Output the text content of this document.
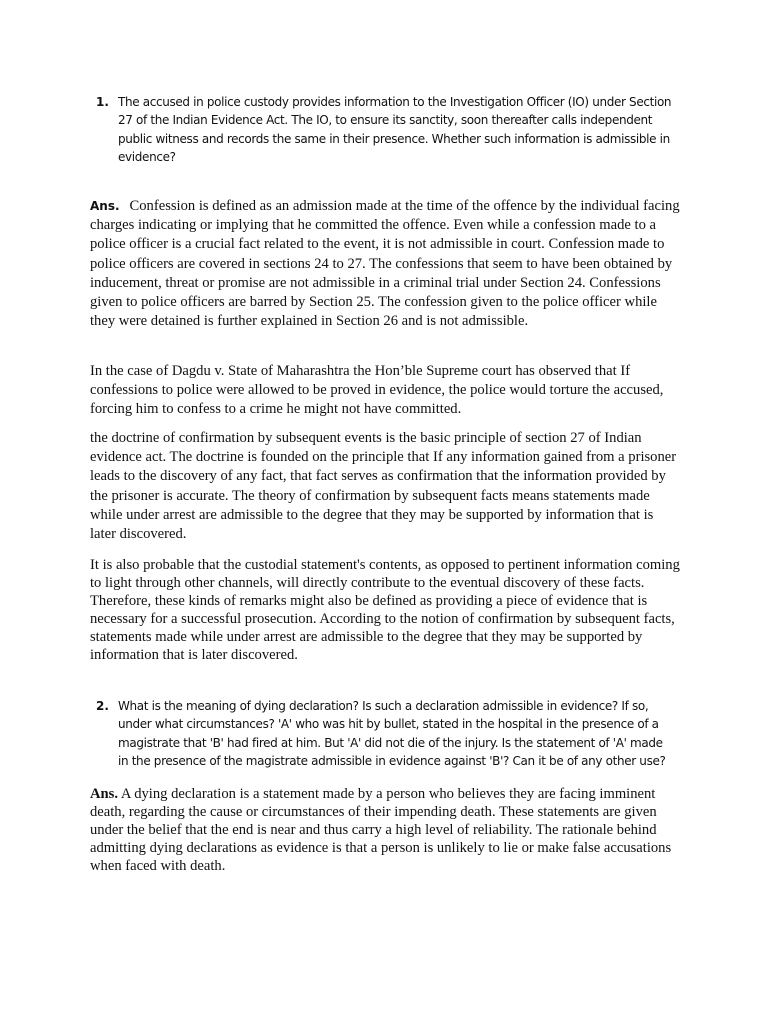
1. The accused in police custody provides information to the Investigation Officer (IO) under Section 27 of the Indian Evidence Act. The IO, to ensure its sanctity, soon thereafter calls independent public witness and records the same in their presence. Whether such information is admissible in evidence?

Ans. Confession is defined as an admission made at the time of the offence by the individual facing charges indicating or implying that he committed the offence. Even while a confession made to a police officer is a crucial fact related to the event, it is not admissible in court. Confession made to police officers are covered in sections 24 to 27. The confessions that seem to have been obtained by inducement, threat or promise are not admissible in a criminal trial under Section 24. Confessions given to police officers are barred by Section 25. The confession given to the police officer while they were detained is further explained in Section 26 and is not admissible.

In the case of Dagdu v. State of Maharashtra the Hon’ble Supreme court has observed that If confessions to police were allowed to be proved in evidence, the police would torture the accused, forcing him to confess to a crime he might not have committed.

the doctrine of confirmation by subsequent events is the basic principle of section 27 of Indian evidence act. The doctrine is founded on the principle that If any information gained from a prisoner leads to the discovery of any fact, that fact serves as confirmation that the information provided by the prisoner is accurate. The theory of confirmation by subsequent facts means statements made while under arrest are admissible to the degree that they may be supported by information that is later discovered.

It is also probable that the custodial statement's contents, as opposed to pertinent information coming to light through other channels, will directly contribute to the eventual discovery of these facts. Therefore, these kinds of remarks might also be defined as providing a piece of evidence that is necessary for a successful prosecution. According to the notion of confirmation by subsequent facts, statements made while under arrest are admissible to the degree that they may be supported by information that is later discovered.

2. What is the meaning of dying declaration? Is such a declaration admissible in evidence? If so, under what circumstances? 'A' who was hit by bullet, stated in the hospital in the presence of a magistrate that 'B' had fired at him. But 'A' did not die of the injury. Is the statement of 'A' made in the presence of the magistrate admissible in evidence against 'B'? Can it be of any other use?

Ans. A dying declaration is a statement made by a person who believes they are facing imminent death, regarding the cause or circumstances of their impending death. These statements are given under the belief that the end is near and thus carry a high level of reliability. The rationale behind admitting dying declarations as evidence is that a person is unlikely to lie or make false accusations when faced with death.
